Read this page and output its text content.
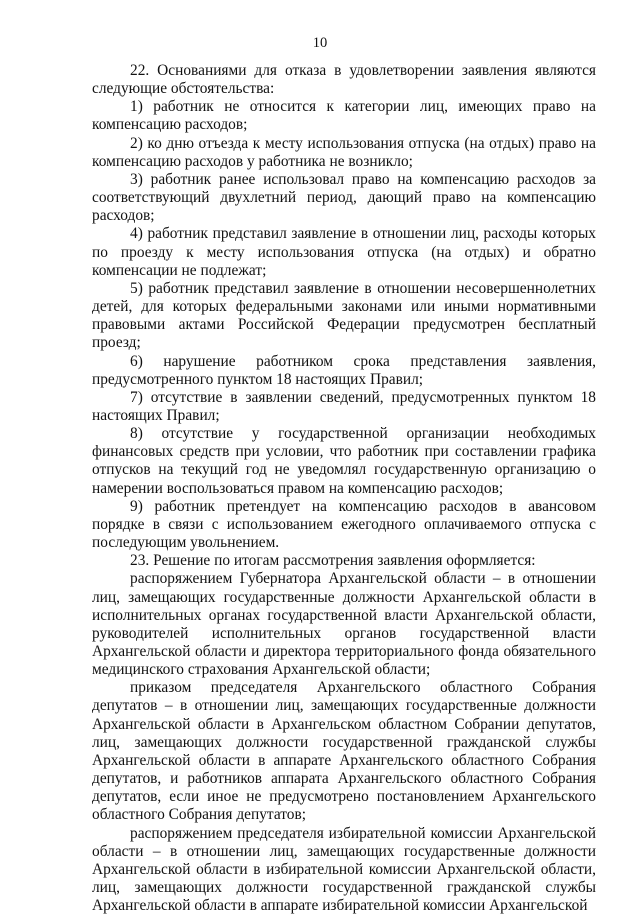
10

22. Основаниями для отказа в удовлетворении заявления являются следующие обстоятельства:

1) работник не относится к категории лиц, имеющих право на компенсацию расходов;

2) ко дню отъезда к месту использования отпуска (на отдых) право на компенсацию расходов у работника не возникло;

3) работник ранее использовал право на компенсацию расходов за соответствующий двухлетний период, дающий право на компенсацию расходов;

4) работник представил заявление в отношении лиц, расходы которых по проезду к месту использования отпуска (на отдых) и обратно компенсации не подлежат;

5) работник представил заявление в отношении несовершеннолетних детей, для которых федеральными законами или иными нормативными правовыми актами Российской Федерации предусмотрен бесплатный проезд;

6) нарушение работником срока представления заявления, предусмотренного пунктом 18 настоящих Правил;

7) отсутствие в заявлении сведений, предусмотренных пунктом 18 настоящих Правил;

8) отсутствие у государственной организации необходимых финансовых средств при условии, что работник при составлении графика отпусков на текущий год не уведомлял государственную организацию о намерении воспользоваться правом на компенсацию расходов;

9) работник претендует на компенсацию расходов в авансовом порядке в связи с использованием ежегодного оплачиваемого отпуска с последующим увольнением.

23. Решение по итогам рассмотрения заявления оформляется:

распоряжением Губернатора Архангельской области – в отношении лиц, замещающих государственные должности Архангельской области в исполнительных органах государственной власти Архангельской области, руководителей исполнительных органов государственной власти Архангельской области и директора территориального фонда обязательного медицинского страхования Архангельской области;

приказом председателя Архангельского областного Собрания депутатов – в отношении лиц, замещающих государственные должности Архангельской области в Архангельском областном Собрании депутатов, лиц, замещающих должности государственной гражданской службы Архангельской области в аппарате Архангельского областного Собрания депутатов, и работников аппарата Архангельского областного Собрания депутатов, если иное не предусмотрено постановлением Архангельского областного Собрания депутатов;

распоряжением председателя избирательной комиссии Архангельской области – в отношении лиц, замещающих государственные должности Архангельской области в избирательной комиссии Архангельской области, лиц, замещающих должности государственной гражданской службы Архангельской области в аппарате избирательной комиссии Архангельской
